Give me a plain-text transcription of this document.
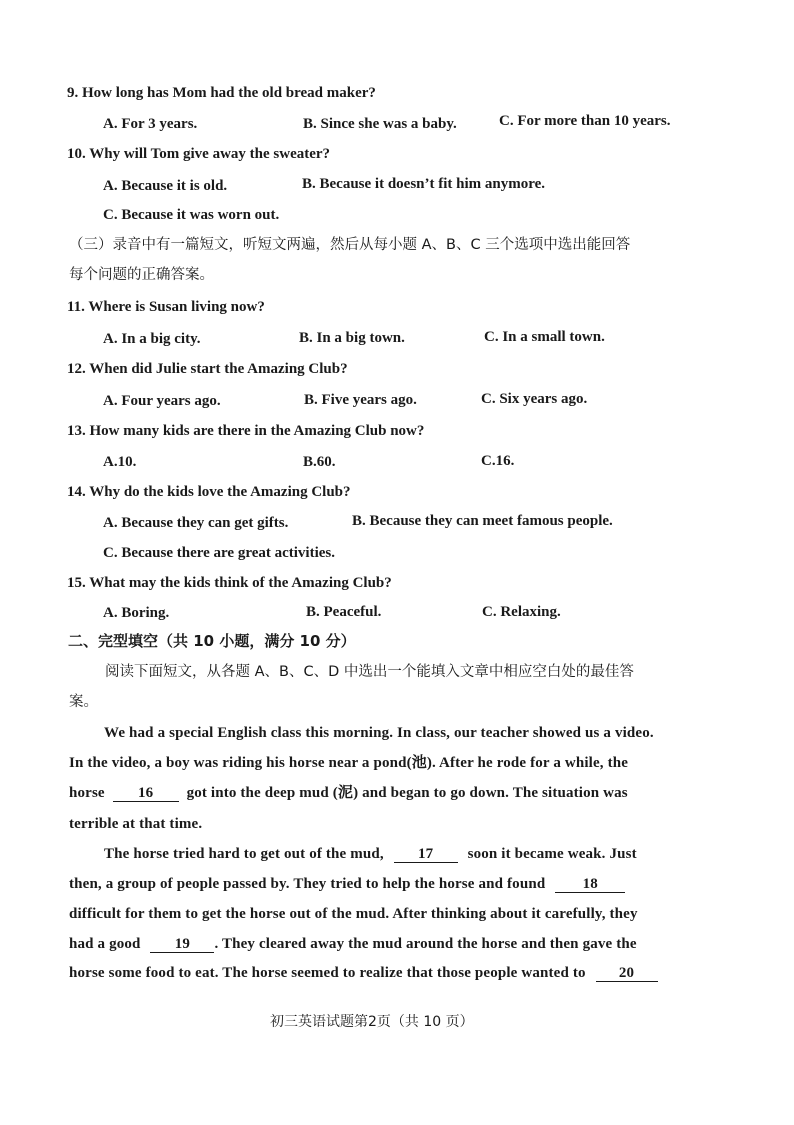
9. How long has Mom had the old bread maker?
A. For 3 years.	B. Since she was a baby.	C. For more than 10 years.
10. Why will Tom give away the sweater?
A. Because it is old.	B. Because it doesn’t fit him anymore.
C. Because it was worn out.
（三）录音中有一篇短文，听短文两遍，然后从每小题 A、B、C 三个选项中选出能回答
每个问题的正确答案。
11. Where is Susan living now?
A. In a big city.	B. In a big town.	C. In a small town.
12. When did Julie start the Amazing Club?
A. Four years ago.	B. Five years ago.	C. Six years ago.
13. How many kids are there in the Amazing Club now?
A.10.	B.60.	C.16.
14. Why do the kids love the Amazing Club?
A. Because they can get gifts.	B. Because they can meet famous people.
C. Because there are great activities.
15. What may the kids think of the Amazing Club?
A. Boring.	B. Peaceful.	C. Relaxing.
二、完型填空（共 10 小题，满分 10 分）
阅读下面短文，从各题 A、B、C、D 中选出一个能填入文章中相应空白处的最佳答
案。
We had a special English class this morning. In class, our teacher showed us a video.
In the video, a boy was riding his horse near a pond(池). After he rode for a while, the
horse 16 got into the deep mud (泥) and began to go down. The situation was
terrible at that time.
The horse tried hard to get out of the mud, 17 soon it became weak. Just
then, a group of people passed by. They tried to help the horse and found 18
difficult for them to get the horse out of the mud. After thinking about it carefully, they
had a good 19 . They cleared away the mud around the horse and then gave the
horse some food to eat. The horse seemed to realize that those people wanted to 20
初三英语试题第2页（共 10 页）
